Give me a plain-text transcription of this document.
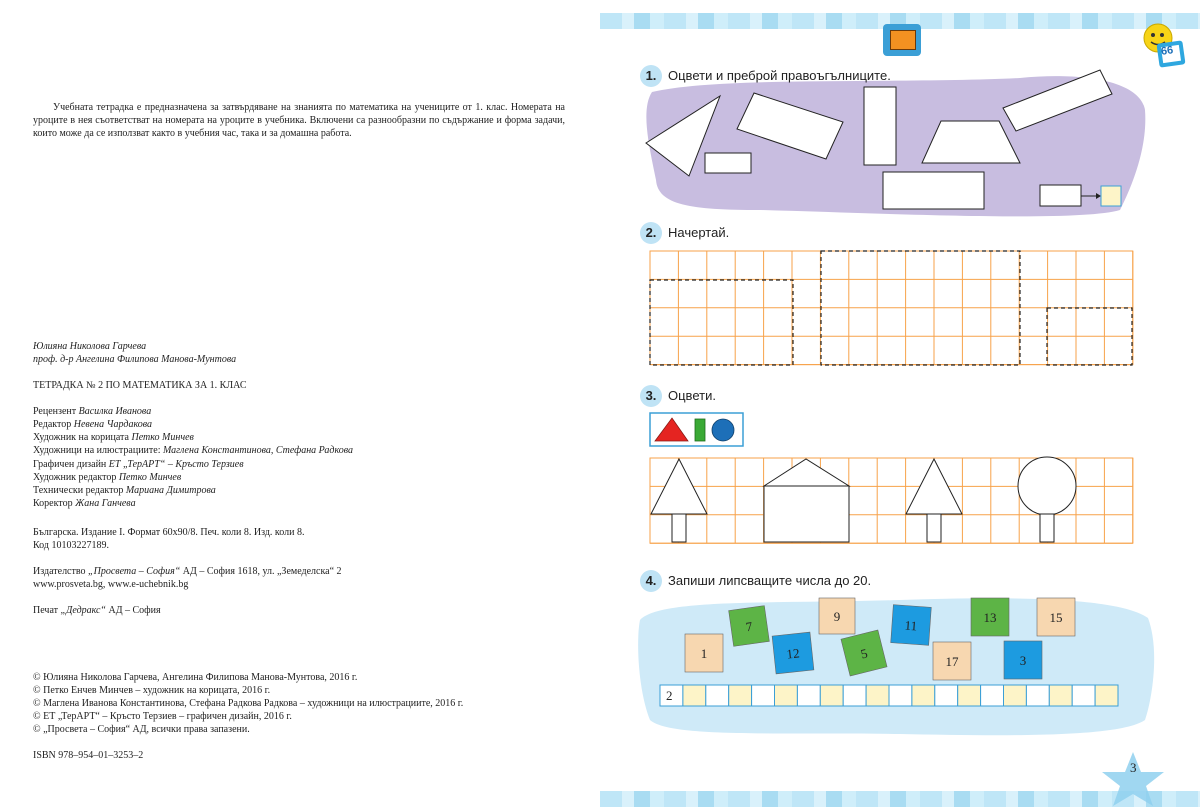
Учебната тетрадка е предназначена за затвърдяване на знанията по математика на учениците от 1. клас. Номерата на уроците в нея съответстват на номерата на уроците в учебника. Включени са разнообразни по съдържание и форма задачи, които може да се използват както в учебния час, така и за домашна работа.

Юлияна Николова Гарчева

проф. д-р Ангелина Филипова Манова-Мунтова

ТЕТРАДКА № 2 ПО МАТЕМАТИКА ЗА 1. КЛАС

Рецензент Василка Иванова

Редактор Невена Чардакова

Художник на корицата Петко Минчев

Художници на илюстрациите: Маглена Константинова, Стефана Радкова

Графичен дизайн ЕТ „ТерАРТ“ – Кръсто Терзиев

Художник редактор Петко Минчев

Технически редактор Мариана Димитрова

Коректор Жана Ганчева

Българска. Издание I. Формат 60x90/8. Печ. коли 8. Изд. коли 8.

Код 10103227189.

Издателство „Просвета – София“ АД – София 1618, ул. „Земеделска“ 2

www.prosveta.bg, www.e-uchebnik.bg

Печат „Дедракс“ АД – София

© Юлияна Николова Гарчева, Ангелина Филипова Манова-Мунтова, 2016 г.

© Петко Енчев Минчев – художник на корицата, 2016 г.

© Маглена Иванова Константинова, Стефана Радкова Радкова – художници на илюстрациите, 2016 г.

© ЕТ „ТерАРТ“ – Кръсто Терзиев – графичен дизайн, 2016 г.

© „Просвета – София“ АД, всички права запазени.

ISBN 978–954–01–3253–2

66
1
7
12
9
5
11
17
13
3
15
2
1. Оцвети и преброй правоъгълниците.
2. Начертай.
3. Оцвети.
4. Запиши липсващите числа до 20.
3
